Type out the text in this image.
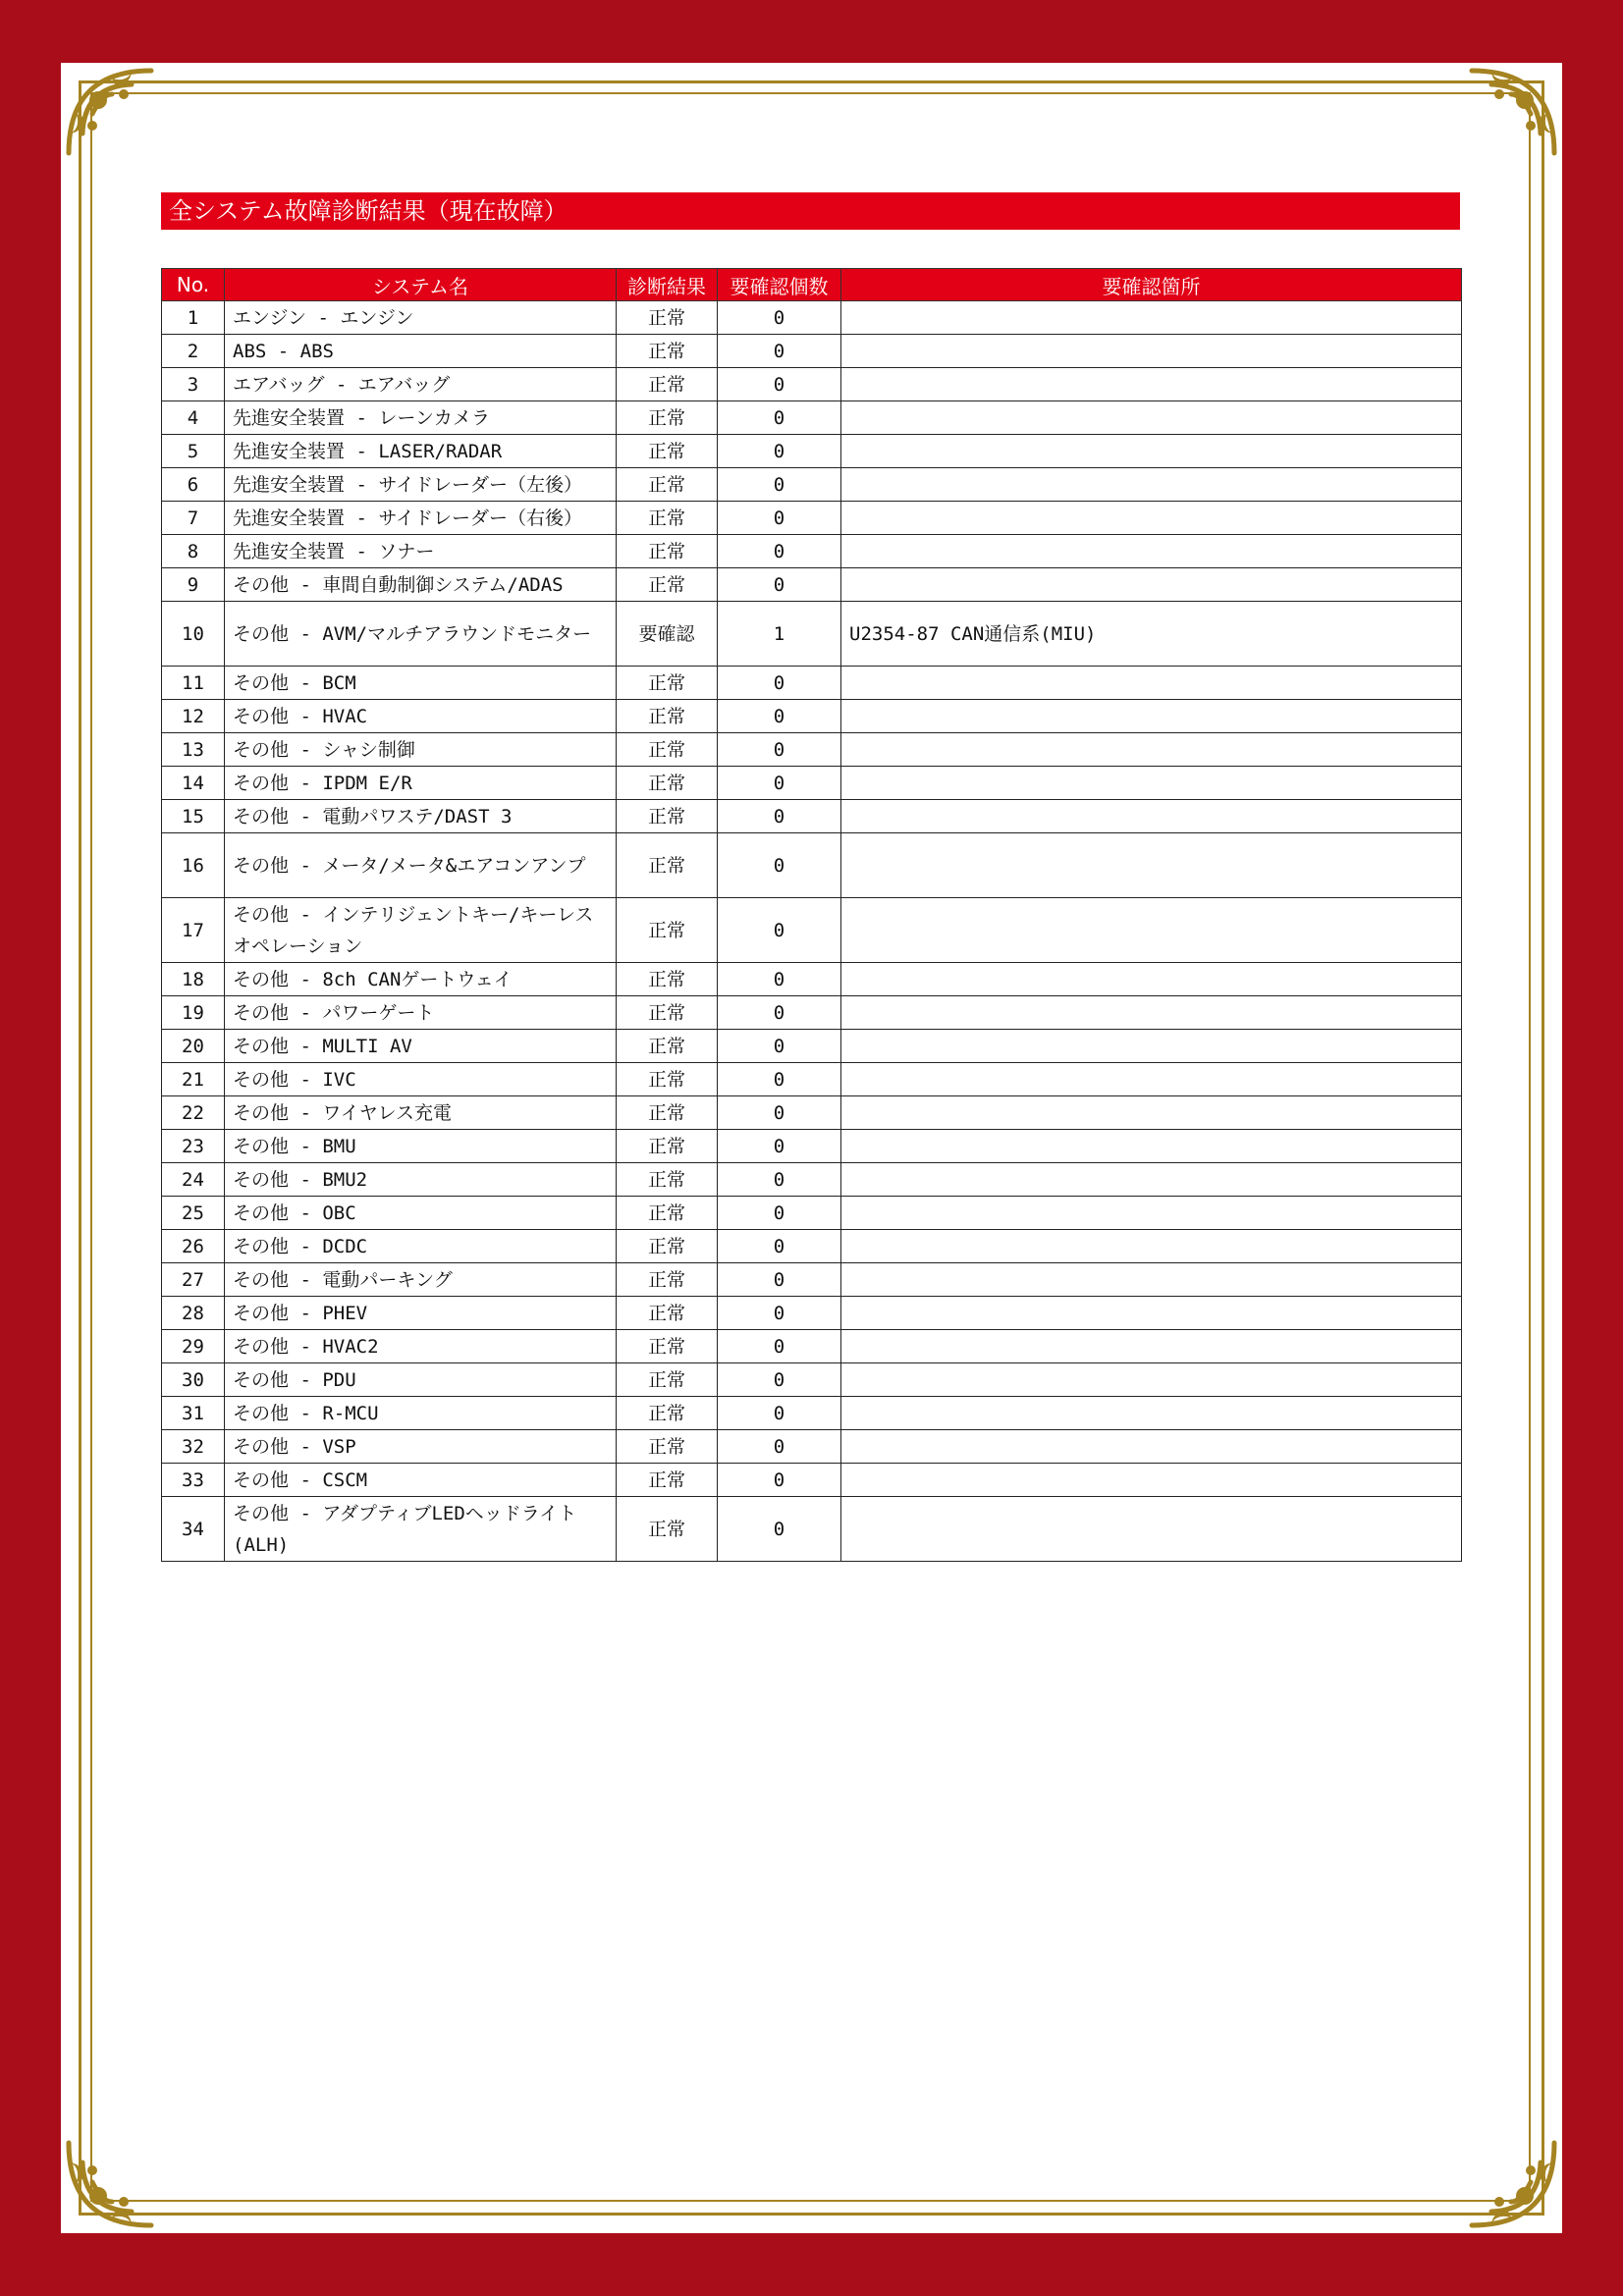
全システム故障診断結果（現在故障）
No.	システム名	診断結果	要確認個数	要確認箇所
1	エンジン - エンジン	正常	0	
2	ABS - ABS	正常	0	
3	エアバッグ - エアバッグ	正常	0	
4	先進安全装置 - レーンカメラ	正常	0	
5	先進安全装置 - LASER/RADAR	正常	0	
6	先進安全装置 - サイドレーダー（左後）	正常	0	
7	先進安全装置 - サイドレーダー（右後）	正常	0	
8	先進安全装置 - ソナー	正常	0	
9	その他 - 車間自動制御システム/ADAS	正常	0	
10	その他 - AVM/マルチアラウンドモニター	要確認	1	U2354-87 CAN通信系(MIU)
11	その他 - BCM	正常	0	
12	その他 - HVAC	正常	0	
13	その他 - シャシ制御	正常	0	
14	その他 - IPDM E/R	正常	0	
15	その他 - 電動パワステ/DAST 3	正常	0	
16	その他 - メータ/メータ&エアコンアンプ	正常	0	
17	その他 - インテリジェントキー/キーレスオペレーション	正常	0	
18	その他 - 8ch CANゲートウェイ	正常	0	
19	その他 - パワーゲート	正常	0	
20	その他 - MULTI AV	正常	0	
21	その他 - IVC	正常	0	
22	その他 - ワイヤレス充電	正常	0	
23	その他 - BMU	正常	0	
24	その他 - BMU2	正常	0	
25	その他 - OBC	正常	0	
26	その他 - DCDC	正常	0	
27	その他 - 電動パーキング	正常	0	
28	その他 - PHEV	正常	0	
29	その他 - HVAC2	正常	0	
30	その他 - PDU	正常	0	
31	その他 - R-MCU	正常	0	
32	その他 - VSP	正常	0	
33	その他 - CSCM	正常	0	
34	その他 - アダプティブLEDヘッドライト(ALH)	正常	0	
